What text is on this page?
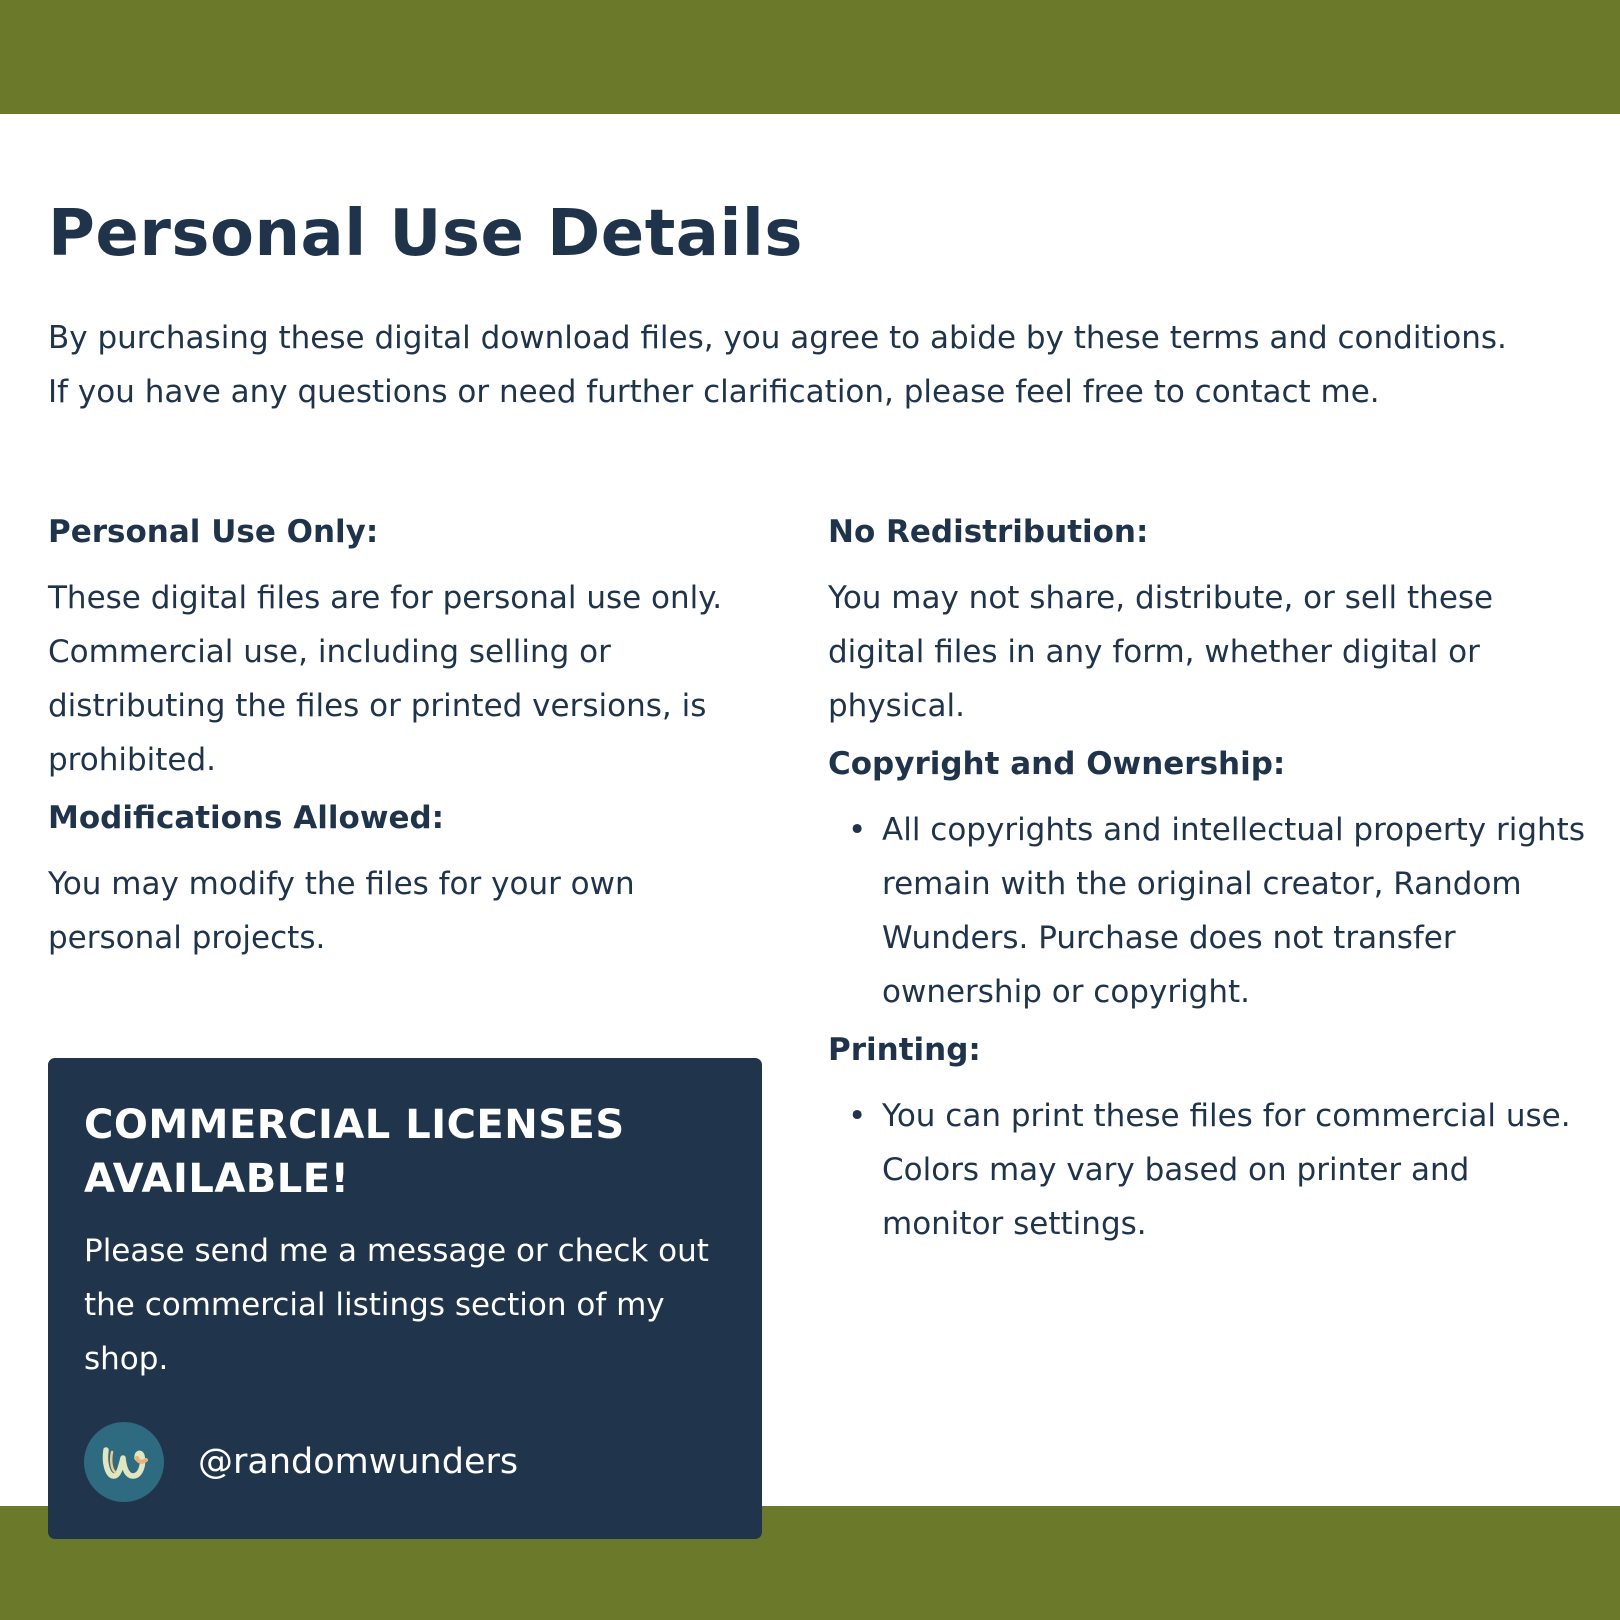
Personal Use Details

By purchasing these digital download files, you agree to abide by these terms and conditions. If you have any questions or need further clarification, please feel free to contact me.

Personal Use Only:

These digital files are for personal use only. Commercial use, including selling or distributing the files or printed versions, is prohibited.

Modifications Allowed:

You may modify the files for your own personal projects.

No Redistribution:

You may not share, distribute, or sell these digital files in any form, whether digital or physical.

Copyright and Ownership:
• All copyrights and intellectual property rights remain with the original creator, Random Wunders. Purchase does not transfer ownership or copyright.
Printing:
• You can print these files for commercial use. Colors may vary based on printer and monitor settings.
COMMERCIAL LICENSES AVAILABLE!

Please send me a message or check out the commercial listings section of my shop.

@randomwunders
